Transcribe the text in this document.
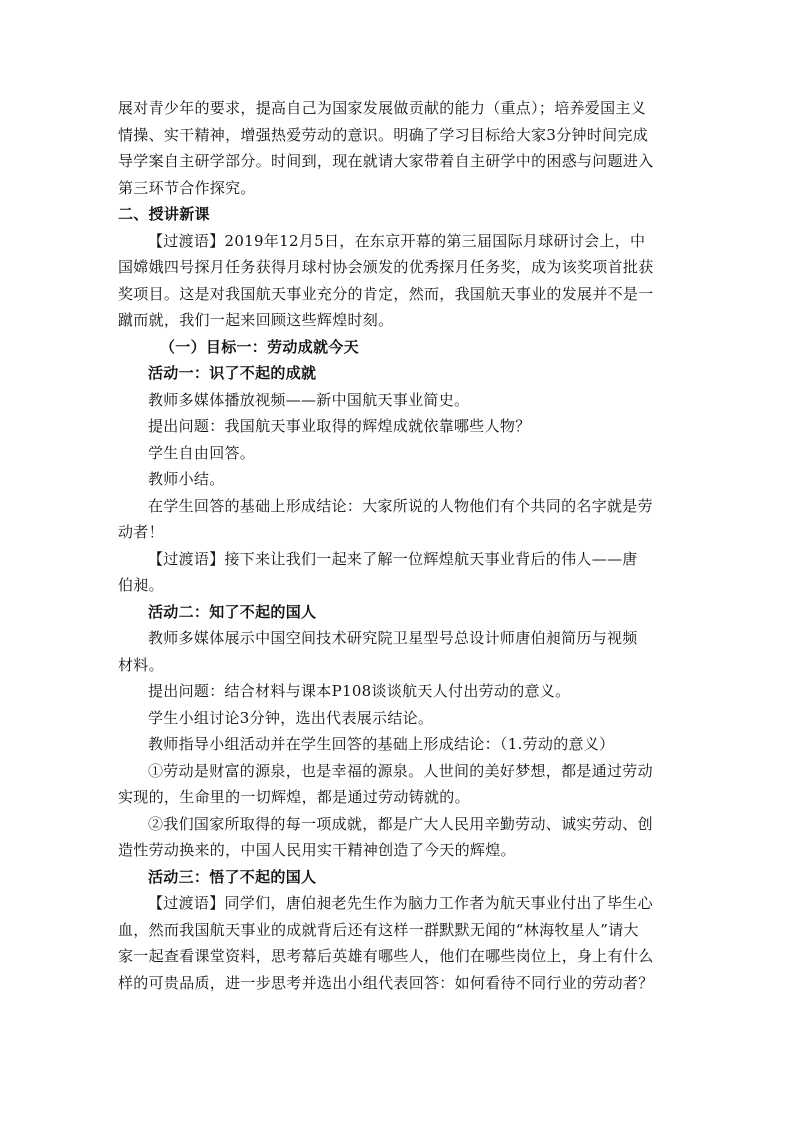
展对青少年的要求，提高自己为国家发展做贡献的能力（重点）；培养爱国主义
情操、实干精神，增强热爱劳动的意识。明确了学习目标给大家3分钟时间完成
导学案自主研学部分。时间到，现在就请大家带着自主研学中的困惑与问题进入
第三环节合作探究。
二、授讲新课
【过渡语】2019年12月5日，在东京开幕的第三届国际月球研讨会上，中
国嫦娥四号探月任务获得月球村协会颁发的优秀探月任务奖，成为该奖项首批获
奖项目。这是对我国航天事业充分的肯定，然而，我国航天事业的发展并不是一
蹴而就，我们一起来回顾这些辉煌时刻。
（一）目标一：劳动成就今天
活动一：识了不起的成就
教师多媒体播放视频——新中国航天事业简史。
提出问题：我国航天事业取得的辉煌成就依靠哪些人物？
学生自由回答。
教师小结。
在学生回答的基础上形成结论：大家所说的人物他们有个共同的名字就是劳
动者！
【过渡语】接下来让我们一起来了解一位辉煌航天事业背后的伟人——唐
伯昶。
活动二：知了不起的国人
教师多媒体展示中国空间技术研究院卫星型号总设计师唐伯昶简历与视频
材料。
提出问题：结合材料与课本P108谈谈航天人付出劳动的意义。
学生小组讨论3分钟，选出代表展示结论。
教师指导小组活动并在学生回答的基础上形成结论：（1.劳动的意义）
①劳动是财富的源泉，也是幸福的源泉。人世间的美好梦想，都是通过劳动
实现的，生命里的一切辉煌，都是通过劳动铸就的。
②我们国家所取得的每一项成就，都是广大人民用辛勤劳动、诚实劳动、创
造性劳动换来的，中国人民用实干精神创造了今天的辉煌。
活动三：悟了不起的国人
【过渡语】同学们，唐伯昶老先生作为脑力工作者为航天事业付出了毕生心
血，然而我国航天事业的成就背后还有这样一群默默无闻的“林海牧星人”请大
家一起查看课堂资料，思考幕后英雄有哪些人，他们在哪些岗位上，身上有什么
样的可贵品质，进一步思考并选出小组代表回答：如何看待不同行业的劳动者？
